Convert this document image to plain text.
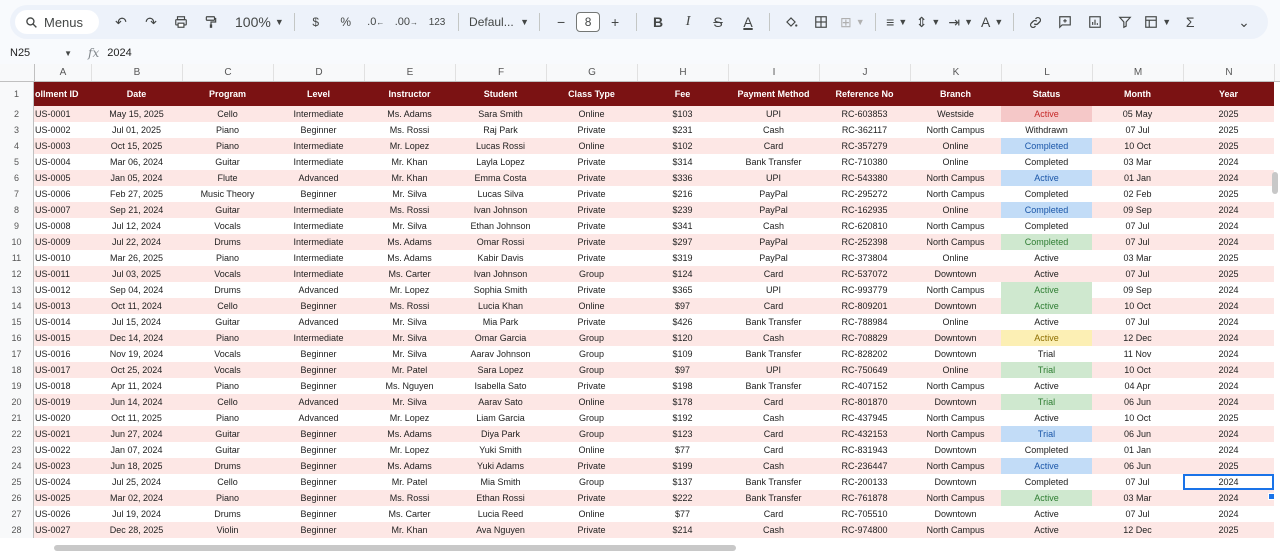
Menus	↶	↷	100% ▼	$	%	.0 ← .00 →	123	Defaul... ▼	−	8	+	B	I	S	A	⊞ ▼ ≡ ▼ ⇕ ▼ ⇥ ▼ A ▼	▼	Σ	⌄
N25	▼ fx 2024
A	B	C	D	E	F	G	H	I	J	K	L	M	N
1	ollment ID	Date	Program	Level	Instructor	Student	Class Type	Fee	Payment Method	Reference No	Branch	Status	Month	Year
2	US-0001	May 15, 2025	Cello	Intermediate	Ms. Adams	Sara Smith	Online	$103	UPI	RC-603853	Westside	Active	05 May	2025
3	US-0002	Jul 01, 2025	Piano	Beginner	Ms. Rossi	Raj Park	Private	$231	Cash	RC-362117	North Campus	Withdrawn	07 Jul	2025
4	US-0003	Oct 15, 2025	Piano	Intermediate	Mr. Lopez	Lucas Rossi	Online	$102	Card	RC-357279	Online	Completed	10 Oct	2025
5	US-0004	Mar 06, 2024	Guitar	Intermediate	Mr. Khan	Layla Lopez	Private	$314	Bank Transfer	RC-710380	Online	Completed	03 Mar	2024
6	US-0005	Jan 05, 2024	Flute	Advanced	Mr. Khan	Emma Costa	Private	$336	UPI	RC-543380	North Campus	Active	01 Jan	2024
7	US-0006	Feb 27, 2025	Music Theory	Beginner	Mr. Silva	Lucas Silva	Private	$216	PayPal	RC-295272	North Campus	Completed	02 Feb	2025
8	US-0007	Sep 21, 2024	Guitar	Intermediate	Ms. Rossi	Ivan Johnson	Private	$239	PayPal	RC-162935	Online	Completed	09 Sep	2024
9	US-0008	Jul 12, 2024	Vocals	Intermediate	Mr. Silva	Ethan Johnson	Private	$341	Cash	RC-620810	North Campus	Completed	07 Jul	2024
10	US-0009	Jul 22, 2024	Drums	Intermediate	Ms. Adams	Omar Rossi	Private	$297	PayPal	RC-252398	North Campus	Completed	07 Jul	2024
11	US-0010	Mar 26, 2025	Piano	Intermediate	Ms. Adams	Kabir Davis	Private	$319	PayPal	RC-373804	Online	Active	03 Mar	2025
12	US-0011	Jul 03, 2025	Vocals	Intermediate	Ms. Carter	Ivan Johnson	Group	$124	Card	RC-537072	Downtown	Active	07 Jul	2025
13	US-0012	Sep 04, 2024	Drums	Advanced	Mr. Lopez	Sophia Smith	Private	$365	UPI	RC-993779	North Campus	Active	09 Sep	2024
14	US-0013	Oct 11, 2024	Cello	Beginner	Ms. Rossi	Lucia Khan	Online	$97	Card	RC-809201	Downtown	Active	10 Oct	2024
15	US-0014	Jul 15, 2024	Guitar	Advanced	Mr. Silva	Mia Park	Private	$426	Bank Transfer	RC-788984	Online	Active	07 Jul	2024
16	US-0015	Dec 14, 2024	Piano	Intermediate	Mr. Silva	Omar Garcia	Group	$120	Cash	RC-708829	Downtown	Active	12 Dec	2024
17	US-0016	Nov 19, 2024	Vocals	Beginner	Mr. Silva	Aarav Johnson	Group	$109	Bank Transfer	RC-828202	Downtown	Trial	11 Nov	2024
18	US-0017	Oct 25, 2024	Vocals	Beginner	Mr. Patel	Sara Lopez	Group	$97	UPI	RC-750649	Online	Trial	10 Oct	2024
19	US-0018	Apr 11, 2024	Piano	Beginner	Ms. Nguyen	Isabella Sato	Private	$198	Bank Transfer	RC-407152	North Campus	Active	04 Apr	2024
20	US-0019	Jun 14, 2024	Cello	Advanced	Mr. Silva	Aarav Sato	Online	$178	Card	RC-801870	Downtown	Trial	06 Jun	2024
21	US-0020	Oct 11, 2025	Piano	Advanced	Mr. Lopez	Liam Garcia	Group	$192	Cash	RC-437945	North Campus	Active	10 Oct	2025
22	US-0021	Jun 27, 2024	Guitar	Beginner	Ms. Adams	Diya Park	Group	$123	Card	RC-432153	North Campus	Trial	06 Jun	2024
23	US-0022	Jan 07, 2024	Guitar	Beginner	Mr. Lopez	Yuki Smith	Online	$77	Card	RC-831943	Downtown	Completed	01 Jan	2024
24	US-0023	Jun 18, 2025	Drums	Beginner	Ms. Adams	Yuki Adams	Private	$199	Cash	RC-236447	North Campus	Active	06 Jun	2025
25	US-0024	Jul 25, 2024	Cello	Beginner	Mr. Patel	Mia Smith	Group	$137	Bank Transfer	RC-200133	Downtown	Completed	07 Jul	2024
26	US-0025	Mar 02, 2024	Piano	Beginner	Ms. Rossi	Ethan Rossi	Private	$222	Bank Transfer	RC-761878	North Campus	Active	03 Mar	2024
27	US-0026	Jul 19, 2024	Drums	Beginner	Ms. Carter	Lucia Reed	Online	$77	Card	RC-705510	Downtown	Active	07 Jul	2024
28	US-0027	Dec 28, 2025	Violin	Beginner	Mr. Khan	Ava Nguyen	Private	$214	Cash	RC-974800	North Campus	Active	12 Dec	2025
